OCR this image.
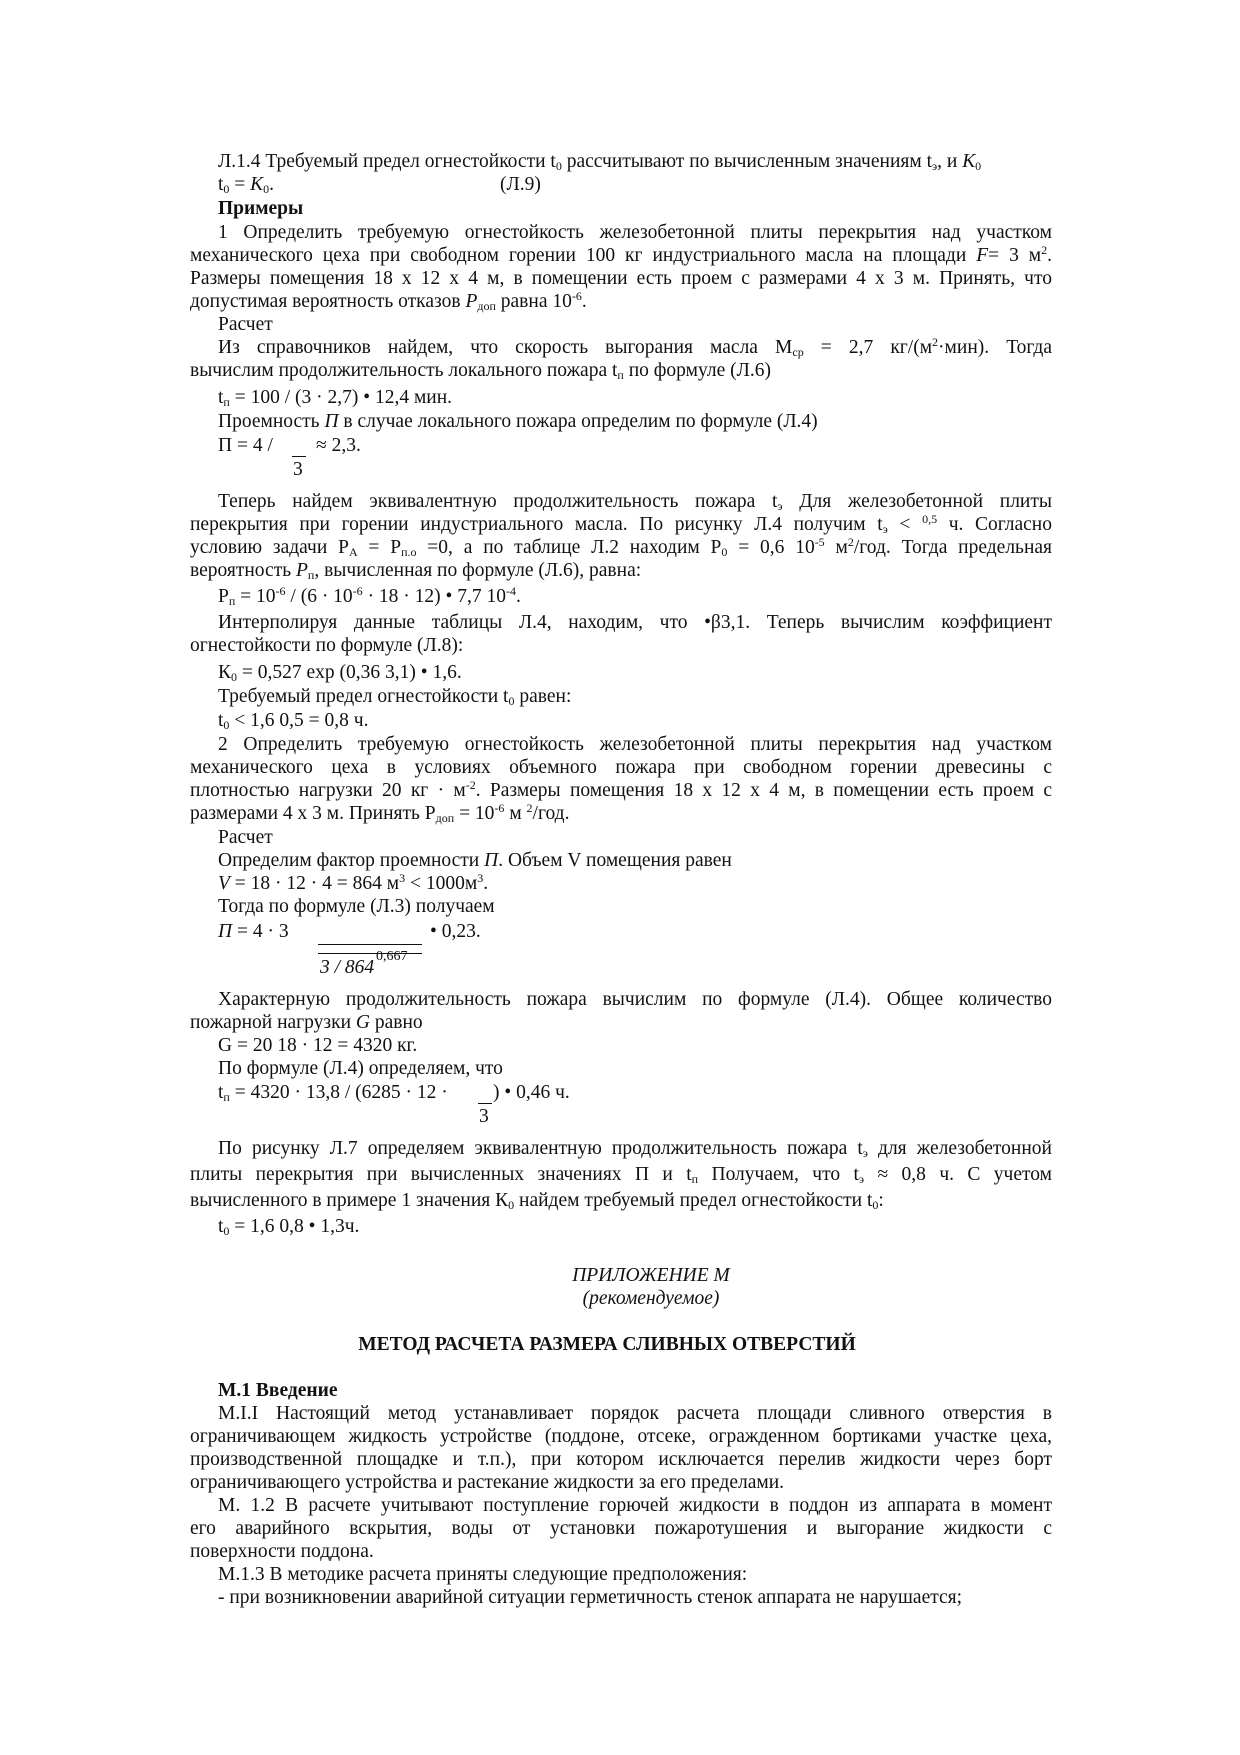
Л.1.4 Требуемый предел огнестойкости $t_0$ рассчитывают по вычисленным значениям $t_э$, и $К_0$
$t_0 = К_0$.	(Л.9)
Примеры
1 Определить требуемую огнестойкость железобетонной плиты перекрытия над участком
механического цеха при свободном горении 100 кг индустриального масла на площади F= 3 $м^2$.
Размеры помещения 18 х 12 х 4 м, в помещении есть проем с размерами 4 х 3 м. Принять, что
допустимая вероятность отказов $Р_{доп}$ равна $10^{-6}$.
Расчет
Из справочников найдем, что скорость выгорания масла $М_{ср} = 2,7$ $кг/(м^2\cdot мин)$. Тогда
вычислим продолжительность локального пожара $t_п$ по формуле (Л.6)
$t_п = 100 / (3 \cdot 2,7)$ • 12,4 мин.
Проемность П в случае локального пожара определим по формуле (Л.4)
П = 4 / ≈ 2,3.
3
Теперь найдем эквивалентную продолжительность пожара $t_э$ Для железобетонной плиты
перекрытия при горении индустриального масла. По рисунку Л.4 получим $t_э < ^{0,5}$ ч. Согласно
условию задачи $Р_А = Р_{п.о} =0$, а по таблице Л.2 находим $Р_0 = 0,6$ $10^{-5}$ $м^2$/год. Тогда предельная
вероятность $Р_п$, вычисленная по формуле (Л.6), равна:
$Р_п = 10^{-6} / (6 \cdot 10^{-6} \cdot 18 \cdot 12)$ • 7,7 $10^{-4}$.
Интерполируя данные таблицы Л.4, находим, что •β3,1. Теперь вычислим коэффициент
огнестойкости по формуле (Л.8):
$К_0 = 0,527$ exp (0,36 3,1) • 1,6.
Требуемый предел огнестойкости $t_0$ равен:
$t_0 < 1,6$ 0,5 = 0,8 ч.
2 Определить требуемую огнестойкость железобетонной плиты перекрытия над участком
механического цеха в условиях объемного пожара при свободном горении древесины с
плотностью нагрузки 20 кг · $м^{-2}$. Размеры помещения 18 х 12 х 4 м, в помещении есть проем с
размерами 4 х 3 м. Принять $Р_{доп} = 10^{-6}$ м $^2$/год.
Расчет
Определим фактор проемности П. Объем V помещения равен
V = 18 · 12 · 4 = 864 $м^3 < 1000м^3$.
Тогда по формуле (Л.3) получаем
П = 4 · 3	• 0,23.
3 / 864
0,667
Характерную продолжительность пожара вычислим по формуле (Л.4). Общее количество
пожарной нагрузки G равно
G = 20 18 · 12 = 4320 кг.
По формуле (Л.4) определяем, что
$t_п = 4320 \cdot 13,8 / (6285 \cdot 12$ · ) • 0,46 ч.
3
По рисунку Л.7 определяем эквивалентную продолжительность пожара $t_э$ для железобетонной
плиты перекрытия при вычисленных значениях П и $t_п$ Получаем, что $t_э \approx 0,8$ ч. С учетом
вычисленного в примере 1 значения $К_0$ найдем требуемый предел огнестойкости $t_0$:
$t_0 = 1,6$ 0,8 • 1,3ч.
ПРИЛОЖЕНИЕ М
(рекомендуемое)
МЕТОД РАСЧЕТА РАЗМЕРА СЛИВНЫХ ОТВЕРСТИЙ
М.1 Введение
М.I.I Настоящий метод устанавливает порядок расчета площади сливного отверстия в
ограничивающем жидкость устройстве (поддоне, отсеке, огражденном бортиками участке цеха,
производственной площадке и т.п.), при котором исключается перелив жидкости через борт
ограничивающего устройства и растекание жидкости за его пределами.
М. 1.2 В расчете учитывают поступление горючей жидкости в поддон из аппарата в момент
его аварийного вскрытия, воды от установки пожаротушения и выгорание жидкости с
поверхности поддона.
М.1.3 В методике расчета приняты следующие предположения:
- при возникновении аварийной ситуации герметичность стенок аппарата не нарушается;
